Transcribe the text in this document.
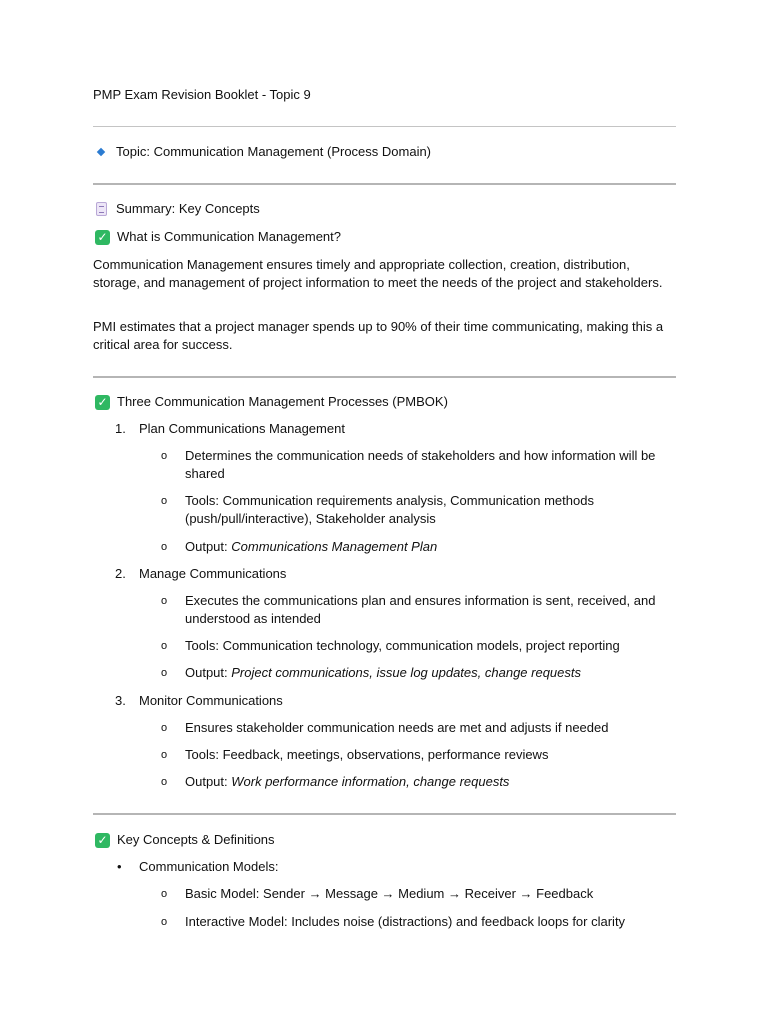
PMP Exam Revision Booklet - Topic 9
Topic: Communication Management (Process Domain)
Summary: Key Concepts
✓ What is Communication Management?
Communication Management ensures timely and appropriate collection, creation, distribution, storage, and management of project information to meet the needs of the project and stakeholders.
PMI estimates that a project manager spends up to 90% of their time communicating, making this a critical area for success.
✓ Three Communication Management Processes (PMBOK)
1. Plan Communications Management
o	Determines the communication needs of stakeholders and how information will be shared
o	Tools: Communication requirements analysis, Communication methods (push/pull/interactive), Stakeholder analysis
o	Output: Communications Management Plan
2. Manage Communications
o	Executes the communications plan and ensures information is sent, received, and understood as intended
o	Tools: Communication technology, communication models, project reporting
o	Output: Project communications, issue log updates, change requests
3. Monitor Communications
o	Ensures stakeholder communication needs are met and adjusts if needed
o	Tools: Feedback, meetings, observations, performance reviews
o	Output: Work performance information, change requests
✓ Key Concepts & Definitions
•	Communication Models:
o	Basic Model: Sender → Message → Medium → Receiver → Feedback
o	Interactive Model: Includes noise (distractions) and feedback loops for clarity
